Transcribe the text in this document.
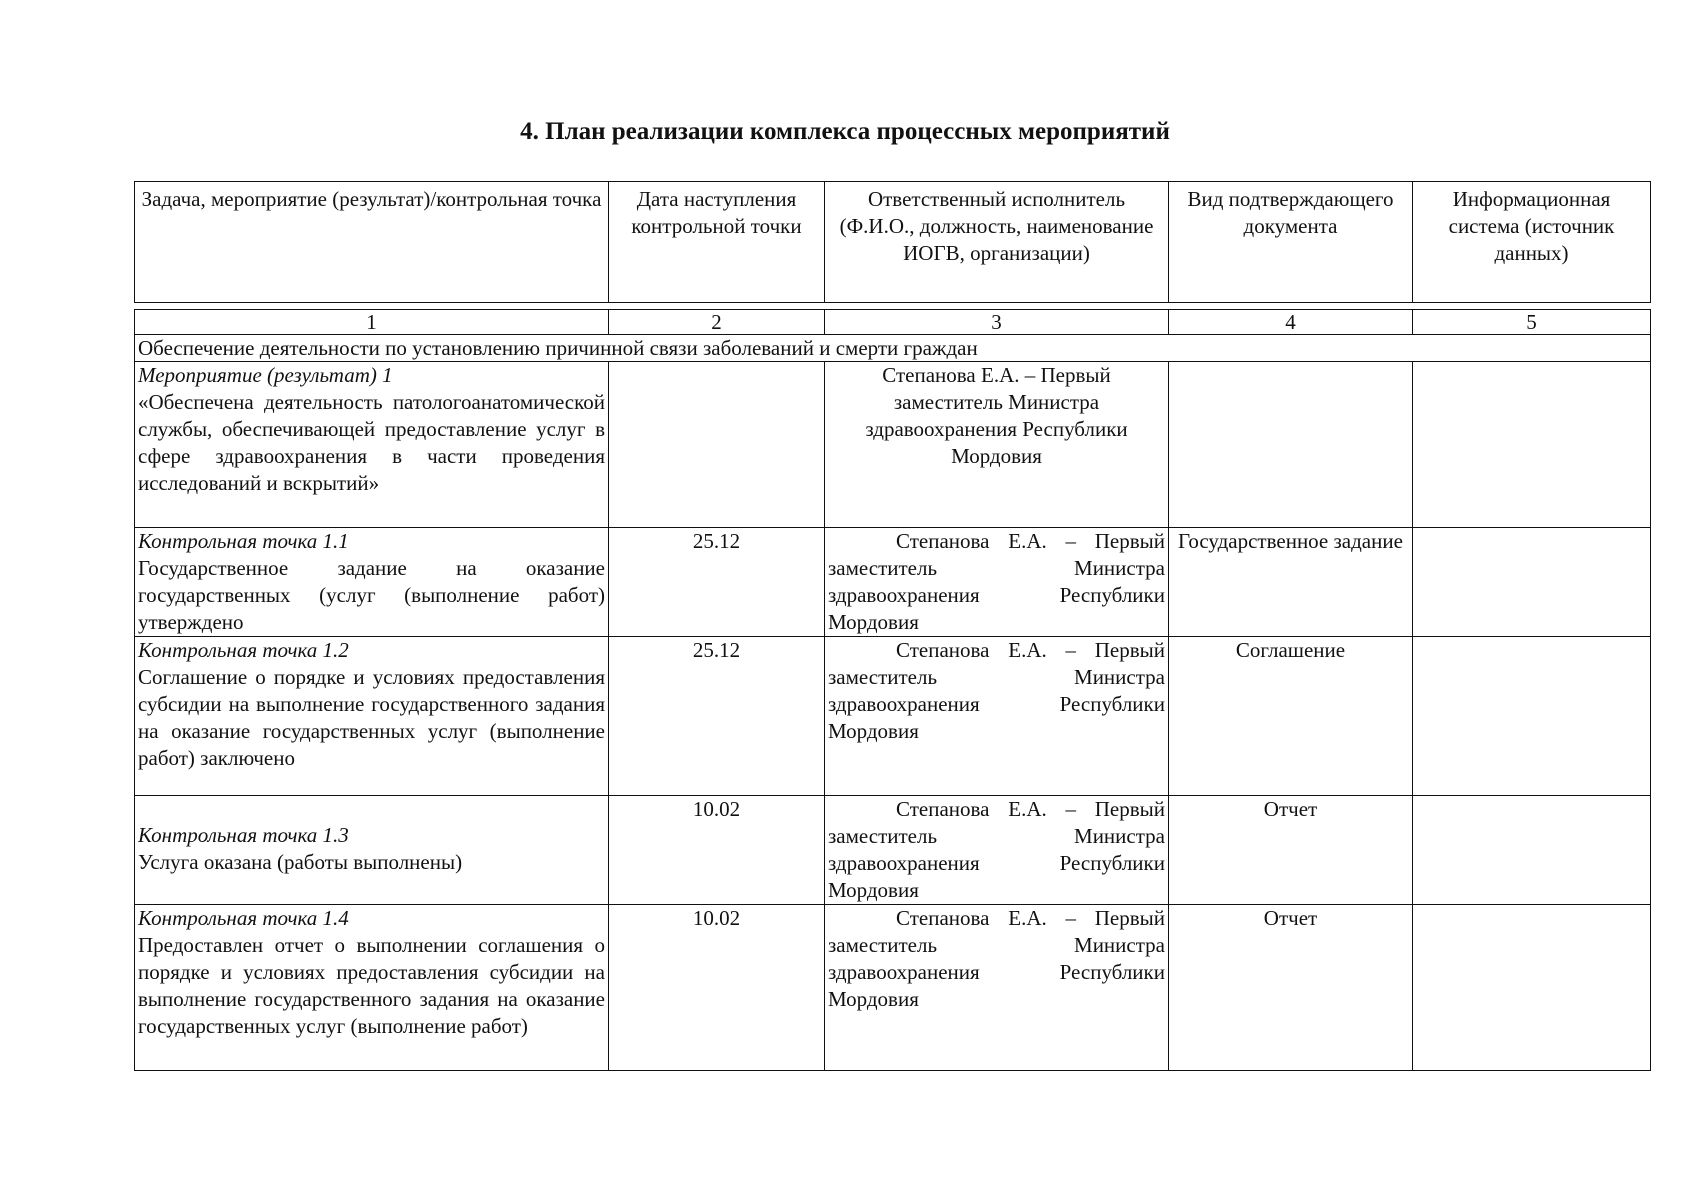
4. План реализации комплекса процессных мероприятий
Задача, мероприятие (результат)/контрольная точка	Дата наступления контрольной точки	Ответственный исполнитель (Ф.И.О., должность, наименование ИОГВ, организации)	Вид подтверждающего документа	Информационная система (источник данных)
1	2	3	4	5
Обеспечение деятельности по установлению причинной связи заболеваний и смерти граждан				

Мероприятие (результат) 1
«Обеспечена деятельность патологоанатомической службы, обеспечивающей предоставление услуг в сфере здравоохранения в части проведения исследований и вскрытий»		Степанова Е.А. – Первый заместитель Министра здравоохранения Республики Мордовия		

Контрольная точка 1.1
Государственное задание на оказание государственных (услуг (выполнение работ) утверждено	25.12	Степанова Е.А. – Первый заместитель Министра здравоохранения Республики Мордовия	Государственное задание	

Контрольная точка 1.2
Соглашение о порядке и условиях предоставления субсидии на выполнение государственного задания на оказание государственных услуг (выполнение работ) заключено	25.12	Степанова Е.А. – Первый заместитель Министра здравоохранения Республики Мордовия	Соглашение	

Контрольная точка 1.3
Услуга оказана (работы выполнены)	10.02	Степанова Е.А. – Первый заместитель Министра здравоохранения Республики Мордовия	Отчет	

Контрольная точка 1.4
Предоставлен отчет о выполнении соглашения о порядке и условиях предоставления субсидии на выполнение государственного задания на оказание государственных услуг (выполнение работ)	10.02	Степанова Е.А. – Первый заместитель Министра здравоохранения Республики Мордовия	Отчет	
